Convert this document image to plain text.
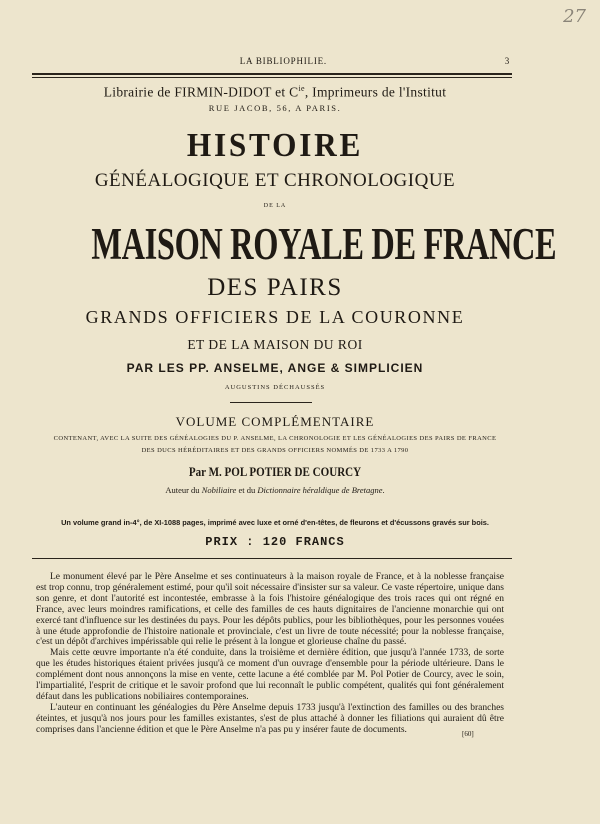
27
LA BIBLIOPHILIE.	3
Librairie de FIRMIN-DIDOT et $C^{ie}$, Imprimeurs de l'Institut
RUE JACOB, 56, A PARIS.
HISTOIRE
GÉNÉALOGIQUE ET CHRONOLOGIQUE
DE LA
MAISON ROYALE DE FRANCE
DES PAIRS
GRANDS OFFICIERS DE LA COURONNE
ET DE LA MAISON DU ROI
PAR LES PP. ANSELME, ANGE & SIMPLICIEN
AUGUSTINS DÉCHAUSSÉS
VOLUME COMPLÉMENTAIRE
CONTENANT, AVEC LA SUITE DES GÉNÉALOGIES DU P. ANSELME, LA CHRONOLOGIE ET LES GÉNÉALOGIES DES PAIRS DE FRANCE
DES DUCS HÉRÉDITAIRES ET DES GRANDS OFFICIERS NOMMÉS DE 1733 A 1790
Par M. POL POTIER DE COURCY
Auteur du Nobiliaire et du Dictionnaire héraldique de Bretagne.
Un volume grand in-4°, de XI-1088 pages, imprimé avec luxe et orné d'en-têtes, de fleurons et d'écussons gravés sur bois.
PRIX : 120 FRANCS

Le monument élevé par le Père Anselme et ses continuateurs à la maison royale de France, et à la noblesse française est trop connu, trop généralement estimé, pour qu'il soit nécessaire d'insister sur sa valeur. Ce vaste répertoire, unique dans son genre, et dont l'autorité est incontestée, embrasse à la fois l'histoire généalogique des trois races qui ont régné en France, avec leurs moindres ramifications, et celle des familles de ces hauts dignitaires de l'ancienne monarchie qui ont exercé tant d'influence sur les destinées du pays. Pour les dépôts publics, pour les bibliothèques, pour les personnes vouées à une étude approfondie de l'histoire nationale et provinciale, c'est un livre de toute nécessité; pour la noblesse française, c'est un dépôt d'archives impérissable qui relie le présent à la longue et glorieuse chaîne du passé.

Mais cette œuvre importante n'a été conduite, dans la troisième et dernière édition, que jusqu'à l'année 1733, de sorte que les études historiques étaient privées jusqu'à ce moment d'un ouvrage d'ensemble pour la période ultérieure. Dans le complément dont nous annonçons la mise en vente, cette lacune a été comblée par M. Pol Potier de Courcy, avec le soin, l'impartialité, l'esprit de critique et le savoir profond que lui reconnaît le public compétent, qualités qui font généralement défaut dans les publications nobiliaires contemporaines.

L'auteur en continuant les généalogies du Père Anselme depuis 1733 jusqu'à l'extinction des familles ou des branches éteintes, et jusqu'à nos jours pour les familles existantes, s'est de plus attaché à donner les filiations qui auraient dû être comprises dans l'ancienne édition et que le Père Anselme n'a pas pu y insérer faute de documents.	[60]
